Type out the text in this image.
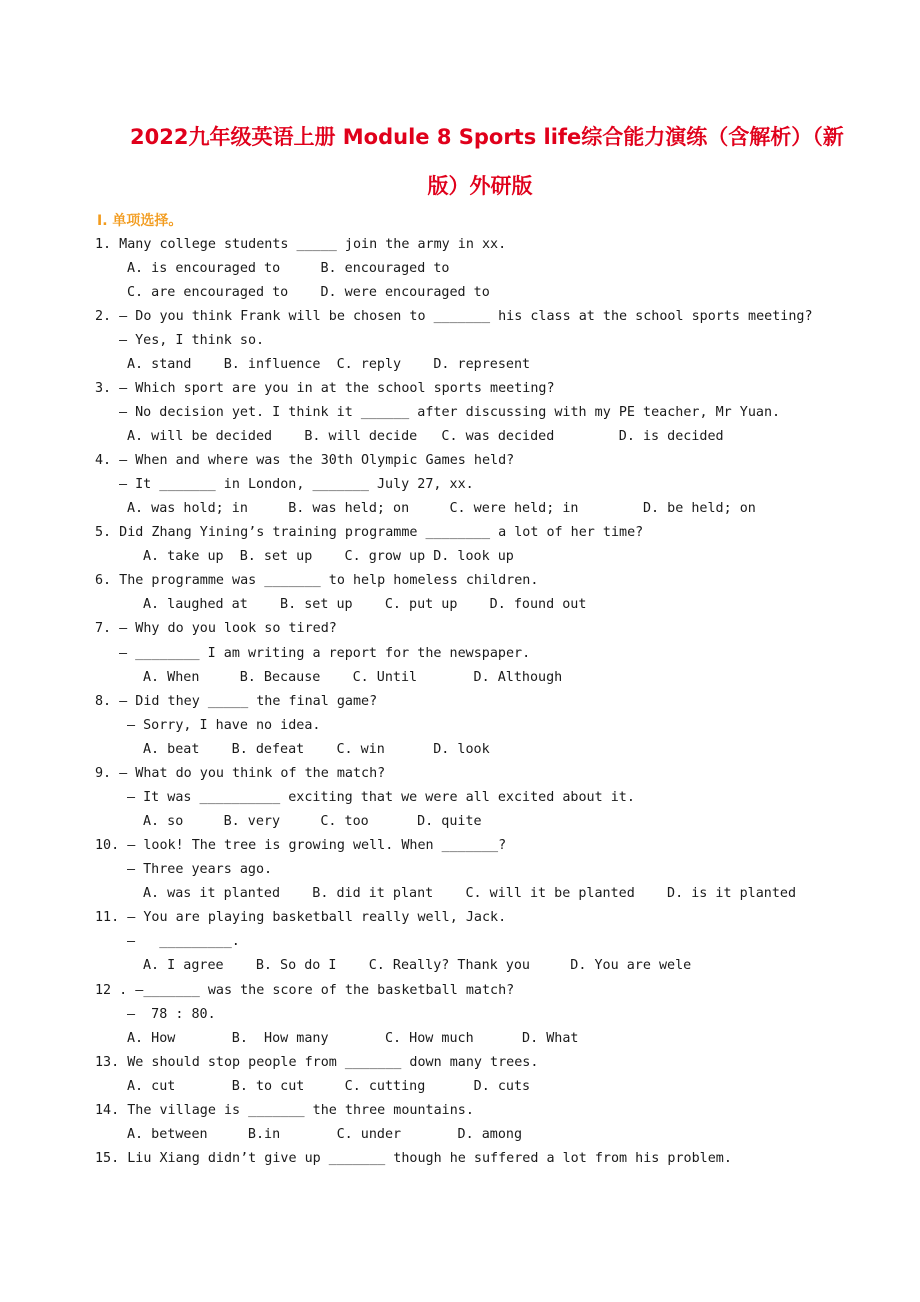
2022九年级英语上册 Module 8 Sports life综合能力演练（含解析）（新
版）外研版
I. 单项选择。
1. Many college students _____ join the army in xx.
A. is encouraged to     B. encouraged to
C. are encouraged to    D. were encouraged to
2. — Do you think Frank will be chosen to _______ his class at the school sports meeting?
— Yes, I think so.
A. stand    B. influence  C. reply    D. represent
3. — Which sport are you in at the school sports meeting?
— No decision yet. I think it ______ after discussing with my PE teacher, Mr Yuan.
A. will be decided    B. will decide   C. was decided        D. is decided
4. — When and where was the 30th Olympic Games held?
— It _______ in London, _______ July 27, xx.
A. was hold; in     B. was held; on     C. were held; in        D. be held; on
5. Did Zhang Yining’s training programme ________ a lot of her time?
A. take up  B. set up    C. grow up D. look up
6. The programme was _______ to help homeless children.
A. laughed at    B. set up    C. put up    D. found out
7. — Why do you look so tired?
— ________ I am writing a report for the newspaper.
A. When     B. Because    C. Until       D. Although
8. — Did they _____ the final game?
— Sorry, I have no idea.
A. beat    B. defeat    C. win      D. look
9. — What do you think of the match?
— It was __________ exciting that we were all excited about it.
A. so     B. very     C. too      D. quite
10. — look! The tree is growing well. When _______?
— Three years ago.
A. was it planted    B. did it plant    C. will it be planted    D. is it planted
11. — You are playing basketball really well, Jack.
—   _________.
A. I agree    B. So do I    C. Really? Thank you     D. You are wele
12 . —_______ was the score of the basketball match?
—  78 : 80.
A. How       B.  How many       C. How much      D. What
13. We should stop people from _______ down many trees.
A. cut       B. to cut     C. cutting      D. cuts
14. The village is _______ the three mountains.
A. between     B.in       C. under       D. among
15. Liu Xiang didn’t give up _______ though he suffered a lot from his problem.
